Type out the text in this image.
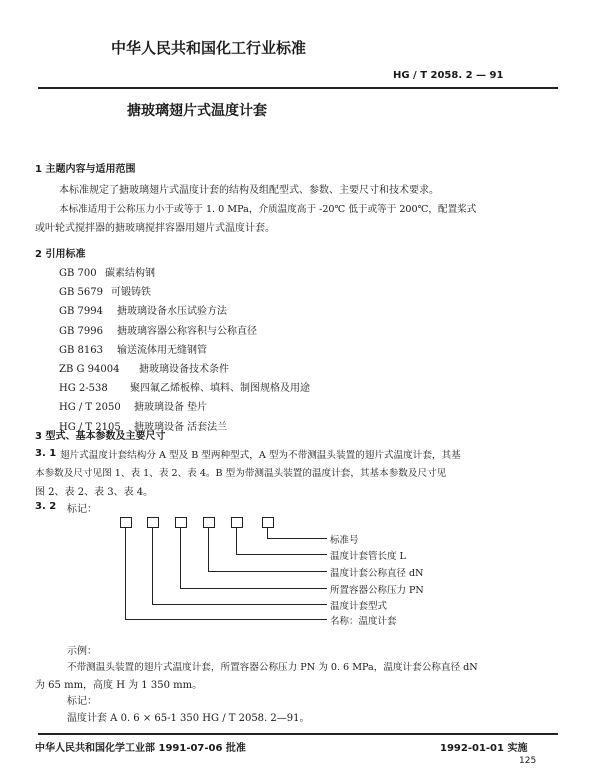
中华人民共和国化工行业标准
HG / T 2058. 2 — 91
搪玻璃翅片式温度计套
1 主题内容与适用范围
本标准规定了搪玻璃翅片式温度计套的结构及组配型式、参数、主要尺寸和技术要求。
本标准适用于公称压力小于或等于 1. 0 MPa，介质温度高于 -20℃ 低于或等于 200℃，配置桨式
或叶轮式搅拌器的搪玻璃搅拌容器用翅片式温度计套。
2 引用标准
GB 700 碳素结构钢
GB 5679 可锻铸铁
GB 7994 搪玻璃设备水压试验方法
GB 7996 搪玻璃容器公称容积与公称直径
GB 8163 输送流体用无缝钢管
ZB G 94004 搪玻璃设备技术条件
HG 2-538 聚四氟乙烯板棒、填料、制图规格及用途
HG / T 2050 搪玻璃设备 垫片
HG / T 2105 搪玻璃设备 活套法兰
3 型式、基本参数及主要尺寸
3. 1 翅片式温度计套结构分 A 型及 B 型两种型式，A 型为不带测温头装置的翅片式温度计套，其基
本参数及尺寸见图 1、表 1、表 2、表 4。B 型为带测温头装置的温度计套，其基本参数及尺寸见
图 2、表 2、表 3、表 4。
3. 2 标记：
标准号
温度计套管长度 L
温度计套公称直径 dN
所置容器公称压力 PN
温度计套型式
名称：温度计套
示例：
不带测温头装置的翅片式温度计套，所置容器公称压力 PN 为 0. 6 MPa，温度计套公称直径 dN
为 65 mm，高度 H 为 1 350 mm。
标记：
温度计套 A 0. 6 × 65-1 350 HG / T 2058. 2—91。
中华人民共和国化学工业部 1991-07-06 批准	1992-01-01 实施
125
